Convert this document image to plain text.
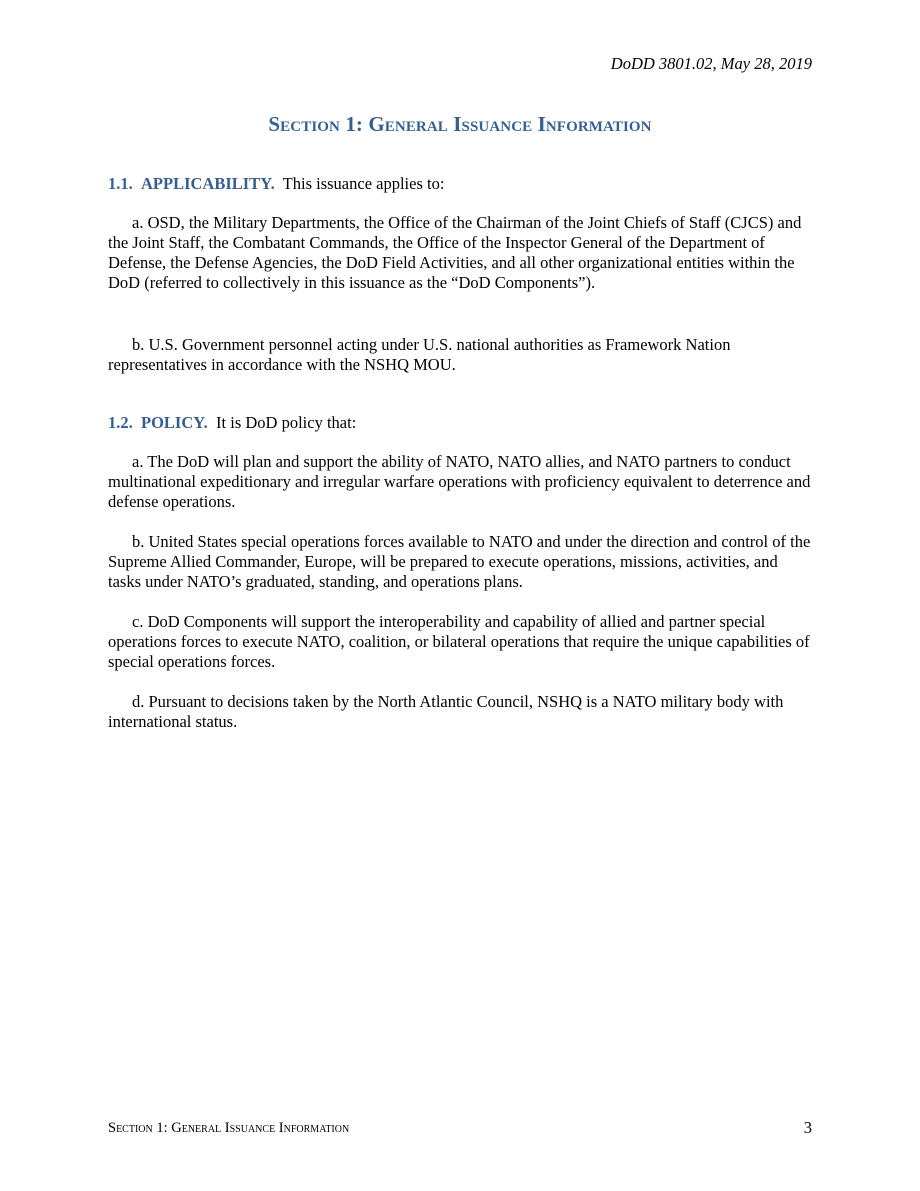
DoDD 3801.02, May 28, 2019
Section 1: General Issuance Information

1.1. APPLICABILITY. This issuance applies to:

a. OSD, the Military Departments, the Office of the Chairman of the Joint Chiefs of Staff (CJCS) and the Joint Staff, the Combatant Commands, the Office of the Inspector General of the Department of Defense, the Defense Agencies, the DoD Field Activities, and all other organizational entities within the DoD (referred to collectively in this issuance as the “DoD Components”).

b. U.S. Government personnel acting under U.S. national authorities as Framework Nation representatives in accordance with the NSHQ MOU.

1.2. POLICY. It is DoD policy that:

a. The DoD will plan and support the ability of NATO, NATO allies, and NATO partners to conduct multinational expeditionary and irregular warfare operations with proficiency equivalent to deterrence and defense operations.

b. United States special operations forces available to NATO and under the direction and control of the Supreme Allied Commander, Europe, will be prepared to execute operations, missions, activities, and tasks under NATO’s graduated, standing, and operations plans.

c. DoD Components will support the interoperability and capability of allied and partner special operations forces to execute NATO, coalition, or bilateral operations that require the unique capabilities of special operations forces.

d. Pursuant to decisions taken by the North Atlantic Council, NSHQ is a NATO military body with international status.

Section 1: General Issuance Information	3
